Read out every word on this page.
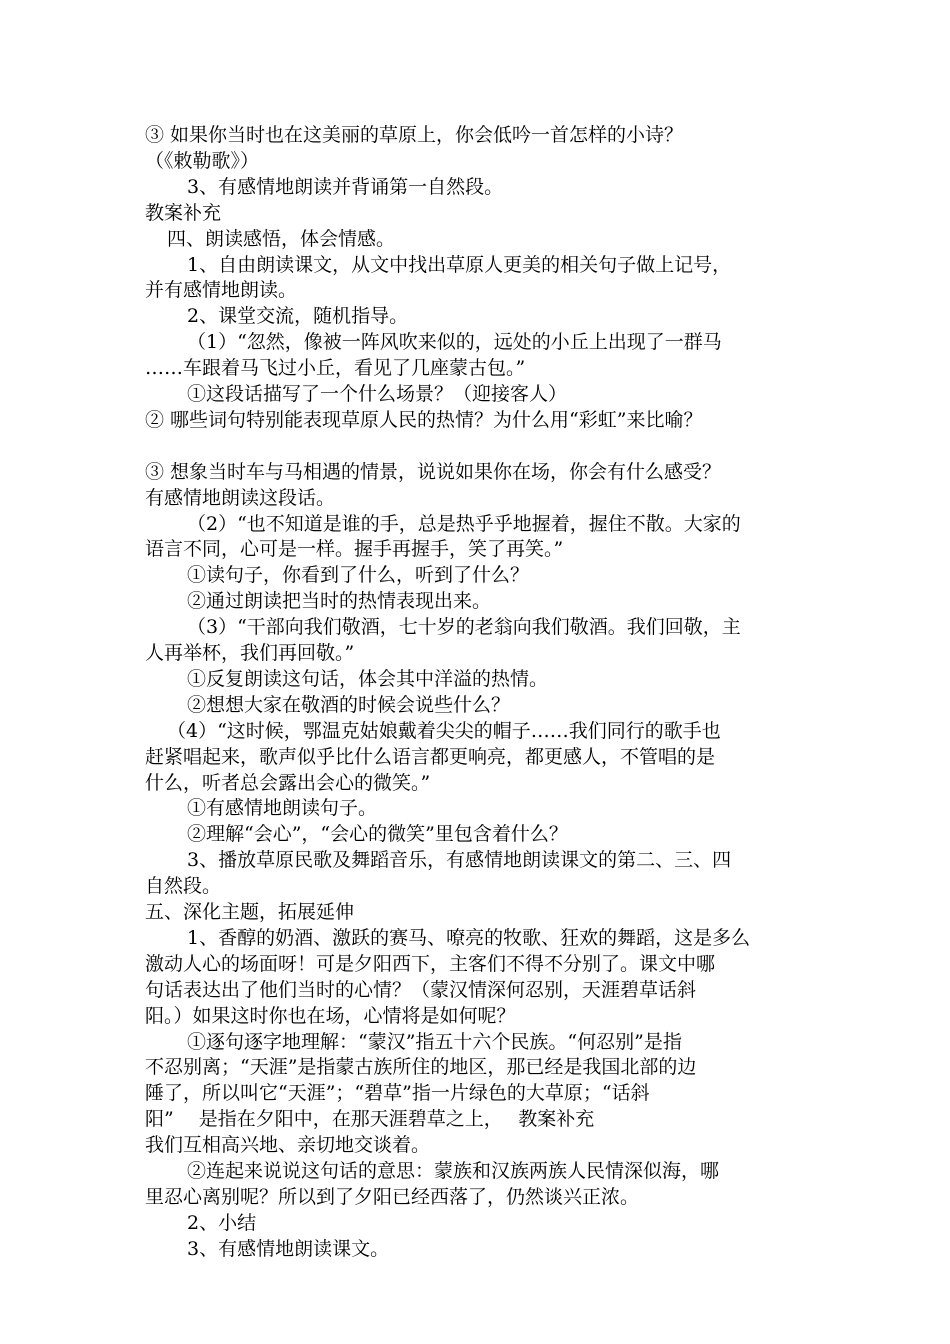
③ 如果你当时也在这美丽的草原上，你会低吟一首怎样的小诗？
（《敕勒歌》）
3、有感情地朗读并背诵第一自然段。
教案补充
四、朗读感悟，体会情感。
1、自由朗读课文，从文中找出草原人更美的相关句子做上记号，
并有感情地朗读。
2、课堂交流，随机指导。
（1）“忽然，像被一阵风吹来似的，远处的小丘上出现了一群马
……车跟着马飞过小丘，看见了几座蒙古包。”
①这段话描写了一个什么场景？（迎接客人）
② 哪些词句特别能表现草原人民的热情？为什么用“彩虹”来比喻？
③ 想象当时车与马相遇的情景，说说如果你在场，你会有什么感受？
有感情地朗读这段话。
（2）“也不知道是谁的手，总是热乎乎地握着，握住不散。大家的
语言不同，心可是一样。握手再握手，笑了再笑。”
①读句子，你看到了什么，听到了什么？
②通过朗读把当时的热情表现出来。
（3）“干部向我们敬酒，七十岁的老翁向我们敬酒。我们回敬，主
人再举杯，我们再回敬。”
①反复朗读这句话，体会其中洋溢的热情。
②想想大家在敬酒的时候会说些什么？
（4）“这时候，鄂温克姑娘戴着尖尖的帽子……我们同行的歌手也
赶紧唱起来，歌声似乎比什么语言都更响亮，都更感人，不管唱的是
什么，听者总会露出会心的微笑。”
①有感情地朗读句子。
②理解“会心”，“会心的微笑”里包含着什么？
3、播放草原民歌及舞蹈音乐，有感情地朗读课文的第二、三、四
自然段。
五、深化主题，拓展延伸
1、香醇的奶酒、激跃的赛马、嘹亮的牧歌、狂欢的舞蹈，这是多么
激动人心的场面呀！可是夕阳西下，主客们不得不分别了。课文中哪
句话表达出了他们当时的心情？（蒙汉情深何忍别，天涯碧草话斜
阳。）如果这时你也在场，心情将是如何呢？
①逐句逐字地理解：“蒙汉”指五十六个民族。“何忍别”是指
不忍别离；“天涯”是指蒙古族所住的地区，那已经是我国北部的边
陲了，所以叫它“天涯”；“碧草”指一片绿色的大草原；“话斜
阳”　 是指在夕阳中，在那天涯碧草之上，　 教案补充
我们互相高兴地、亲切地交谈着。
②连起来说说这句话的意思：蒙族和汉族两族人民情深似海，哪
里忍心离别呢？所以到了夕阳已经西落了，仍然谈兴正浓。
2、小结
3、有感情地朗读课文。
